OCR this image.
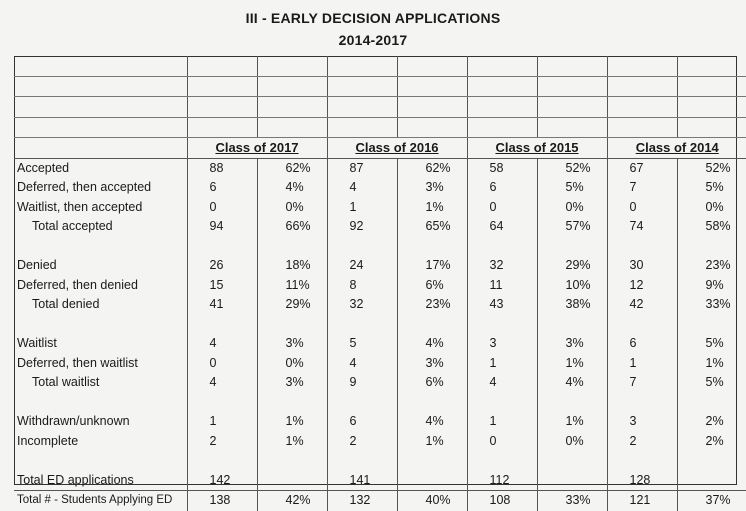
III - EARLY DECISION APPLICATIONS
2014-2017

	Class of 2017		Class of 2016		Class of 2015		Class of 2014	
Accepted	88	62%	87	62%	58	52%	67	52%
Deferred, then accepted	6	4%	4	3%	6	5%	7	5%
Waitlist, then accepted	0	0%	1	1%	0	0%	0	0%
Total accepted	94	66%	92	65%	64	57%	74	58%

Denied	26	18%	24	17%	32	29%	30	23%
Deferred, then denied	15	11%	8	6%	11	10%	12	9%
Total denied	41	29%	32	23%	43	38%	42	33%

Waitlist	4	3%	5	4%	3	3%	6	5%
Deferred, then waitlist	0	0%	4	3%	1	1%	1	1%
Total waitlist	4	3%	9	6%	4	4%	7	5%

Withdrawn/unknown	1	1%	6	4%	1	1%	3	2%
Incomplete	2	1%	2	1%	0	0%	2	2%

Total ED applications	142		141		112		128	
Total # - Students Applying ED	138	42%	132	40%	108	33%	121	37%
